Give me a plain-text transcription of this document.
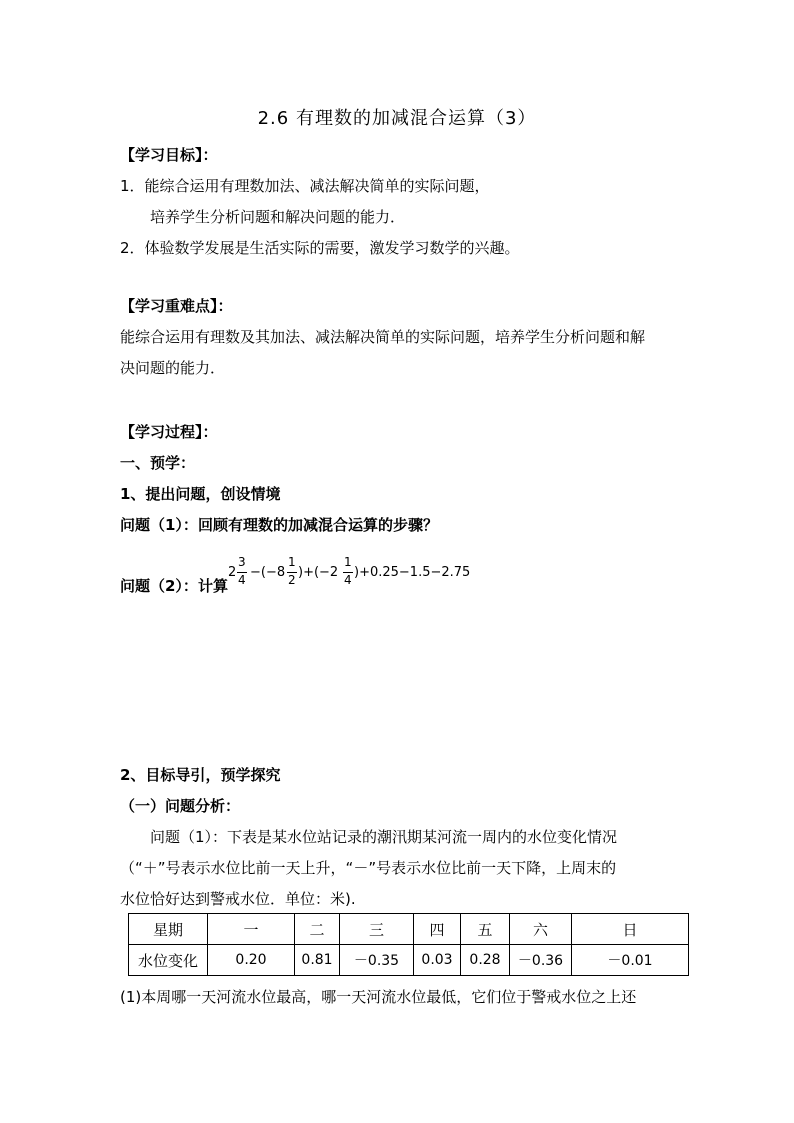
2.6 有理数的加减混合运算（3）
【学习目标】：
1．能综合运用有理数加法、减法解决简单的实际问题，
培养学生分析问题和解决问题的能力．
2．体验数学发展是生活实际的需要，激发学习数学的兴趣。
【学习重难点】：
能综合运用有理数及其加法、减法解决简单的实际问题，培养学生分析问题和解
决问题的能力．
【学习过程】：
一、预学：
1、提出问题，创设情境
问题（1）：回顾有理数的加减混合运算的步骤？
问题（2）：计算
2
3
4 −(−8
1
2 )+(−2
1
4 )+0.25−1.5−2.75
2、目标导引，预学探究
（一）问题分析：
问题（1）：下表是某水位站记录的潮汛期某河流一周内的水位变化情况
（“＋”号表示水位比前一天上升，“－”号表示水位比前一天下降，上周末的
水位恰好达到警戒水位．单位：米).
星期	一	二	三	四	五	六	日
水位变化	0.20	0.81	－0.35	0.03	0.28	－0.36	－0.01
(1)本周哪一天河流水位最高，哪一天河流水位最低，它们位于警戒水位之上还
